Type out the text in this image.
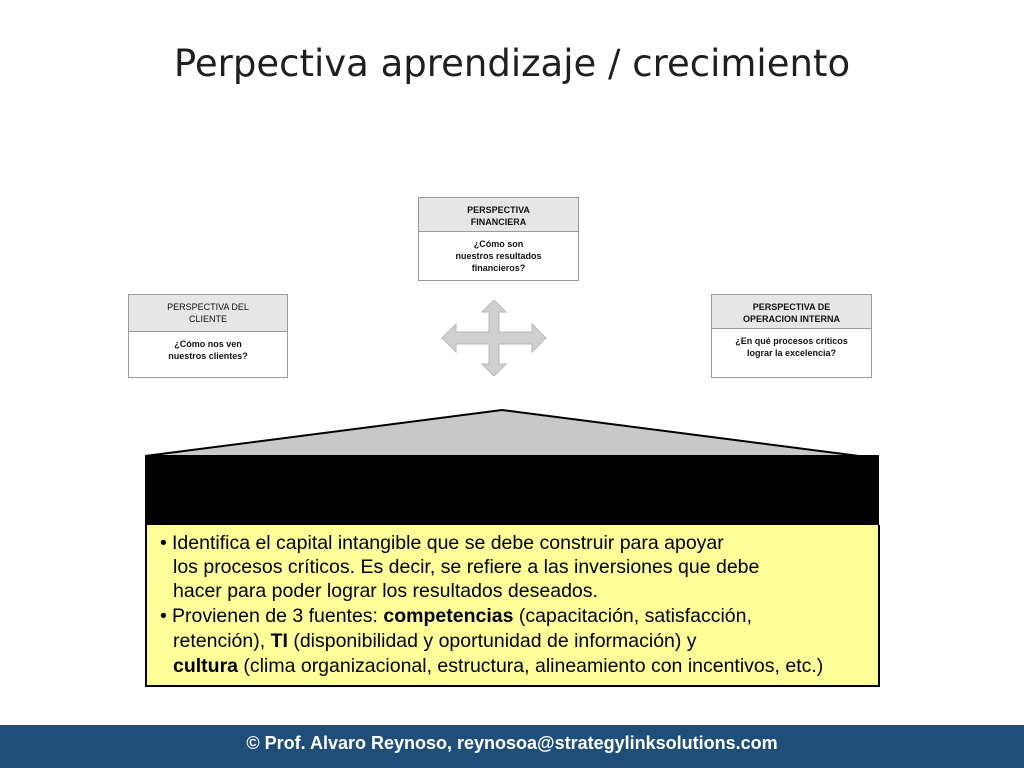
Perpectiva aprendizaje / crecimiento
PERSPECTIVA
FINANCIERA
¿Cómo son
nuestros resultados
financieros?
PERSPECTIVA DEL
CLIENTE
¿Cómo nos ven
nuestros clientes?
PERSPECTIVA DE
OPERACION INTERNA
¿En qué procesos críticos
lograr la excelencia?
• Identifica el capital intangible que se debe construir para apoyar
los procesos críticos. Es decir, se refiere a las inversiones que debe
hacer para poder lograr los resultados deseados.
• Provienen de 3 fuentes: competencias (capacitación, satisfacción,
retención), TI (disponibilidad y oportunidad de información) y
cultura (clima organizacional, estructura, alineamiento con incentivos, etc.)
© Prof. Alvaro Reynoso, reynosoa@strategylinksolutions.com
